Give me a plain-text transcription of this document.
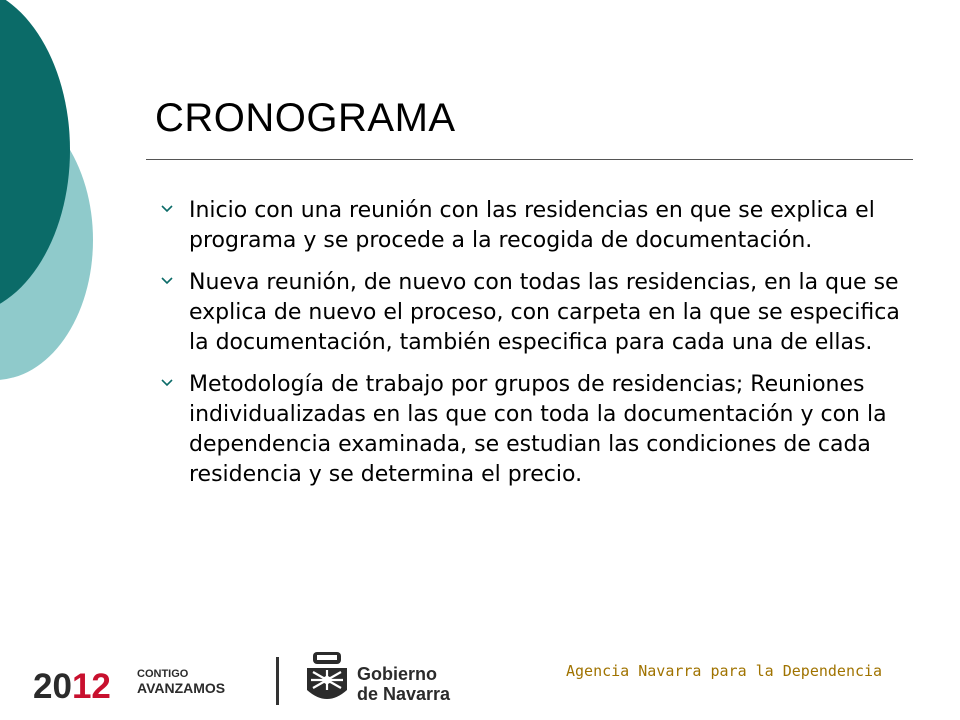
CRONOGRAMA
Inicio con una reunión con las residencias en que se explica el programa y se procede a la recogida de documentación.
Nueva reunión, de nuevo con todas las residencias, en la que se explica de nuevo el proceso, con carpeta en la que se especifica la documentación, también especifica para cada una de ellas.
Metodología de trabajo por grupos de residencias; Reuniones individualizadas en las que con toda la documentación y con la dependencia examinada, se estudian las condiciones de cada residencia y se determina el precio.
2012 CONTIGO
AVANZAMOS
Gobierno
de Navarra
Agencia Navarra para la Dependencia
